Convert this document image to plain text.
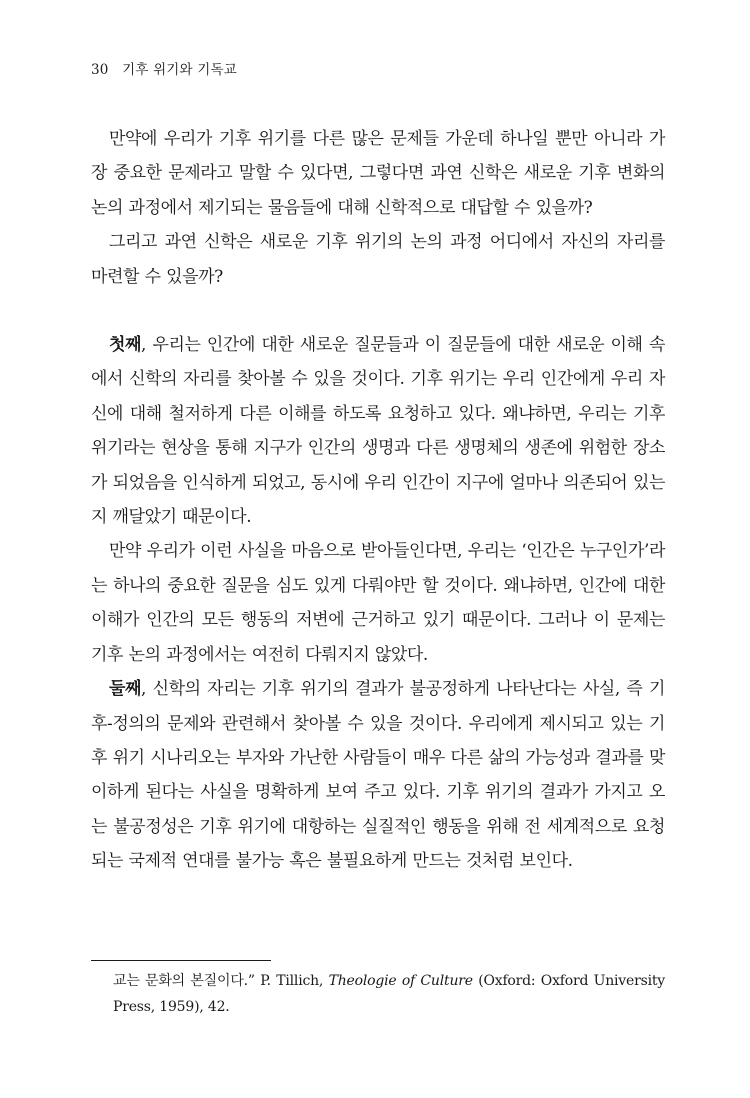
30 기후 위기와 기독교

만약에 우리가 기후 위기를 다른 많은 문제들 가운데 하나일 뿐만 아니라 가장 중요한 문제라고 말할 수 있다면, 그렇다면 과연 신학은 새로운 기후 변화의 논의 과정에서 제기되는 물음들에 대해 신학적으로 대답할 수 있을까?

그리고 과연 신학은 새로운 기후 위기의 논의 과정 어디에서 자신의 자리를 마련할 수 있을까?

첫째, 우리는 인간에 대한 새로운 질문들과 이 질문들에 대한 새로운 이해 속에서 신학의 자리를 찾아볼 수 있을 것이다. 기후 위기는 우리 인간에게 우리 자신에 대해 철저하게 다른 이해를 하도록 요청하고 있다. 왜냐하면, 우리는 기후 위기라는 현상을 통해 지구가 인간의 생명과 다른 생명체의 생존에 위험한 장소가 되었음을 인식하게 되었고, 동시에 우리 인간이 지구에 얼마나 의존되어 있는지 깨달았기 때문이다.

만약 우리가 이런 사실을 마음으로 받아들인다면, 우리는 ‘인간은 누구인가’라는 하나의 중요한 질문을 심도 있게 다뤄야만 할 것이다. 왜냐하면, 인간에 대한 이해가 인간의 모든 행동의 저변에 근거하고 있기 때문이다. 그러나 이 문제는 기후 논의 과정에서는 여전히 다뤄지지 않았다.

둘째, 신학의 자리는 기후 위기의 결과가 불공정하게 나타난다는 사실, 즉 기후-정의의 문제와 관련해서 찾아볼 수 있을 것이다. 우리에게 제시되고 있는 기후 위기 시나리오는 부자와 가난한 사람들이 매우 다른 삶의 가능성과 결과를 맞이하게 된다는 사실을 명확하게 보여 주고 있다. 기후 위기의 결과가 가지고 오는 불공정성은 기후 위기에 대항하는 실질적인 행동을 위해 전 세계적으로 요청되는 국제적 연대를 불가능 혹은 불필요하게 만드는 것처럼 보인다.

교는 문화의 본질이다.” P. Tillich, Theologie of Culture (Oxford: Oxford University Press, 1959), 42.
